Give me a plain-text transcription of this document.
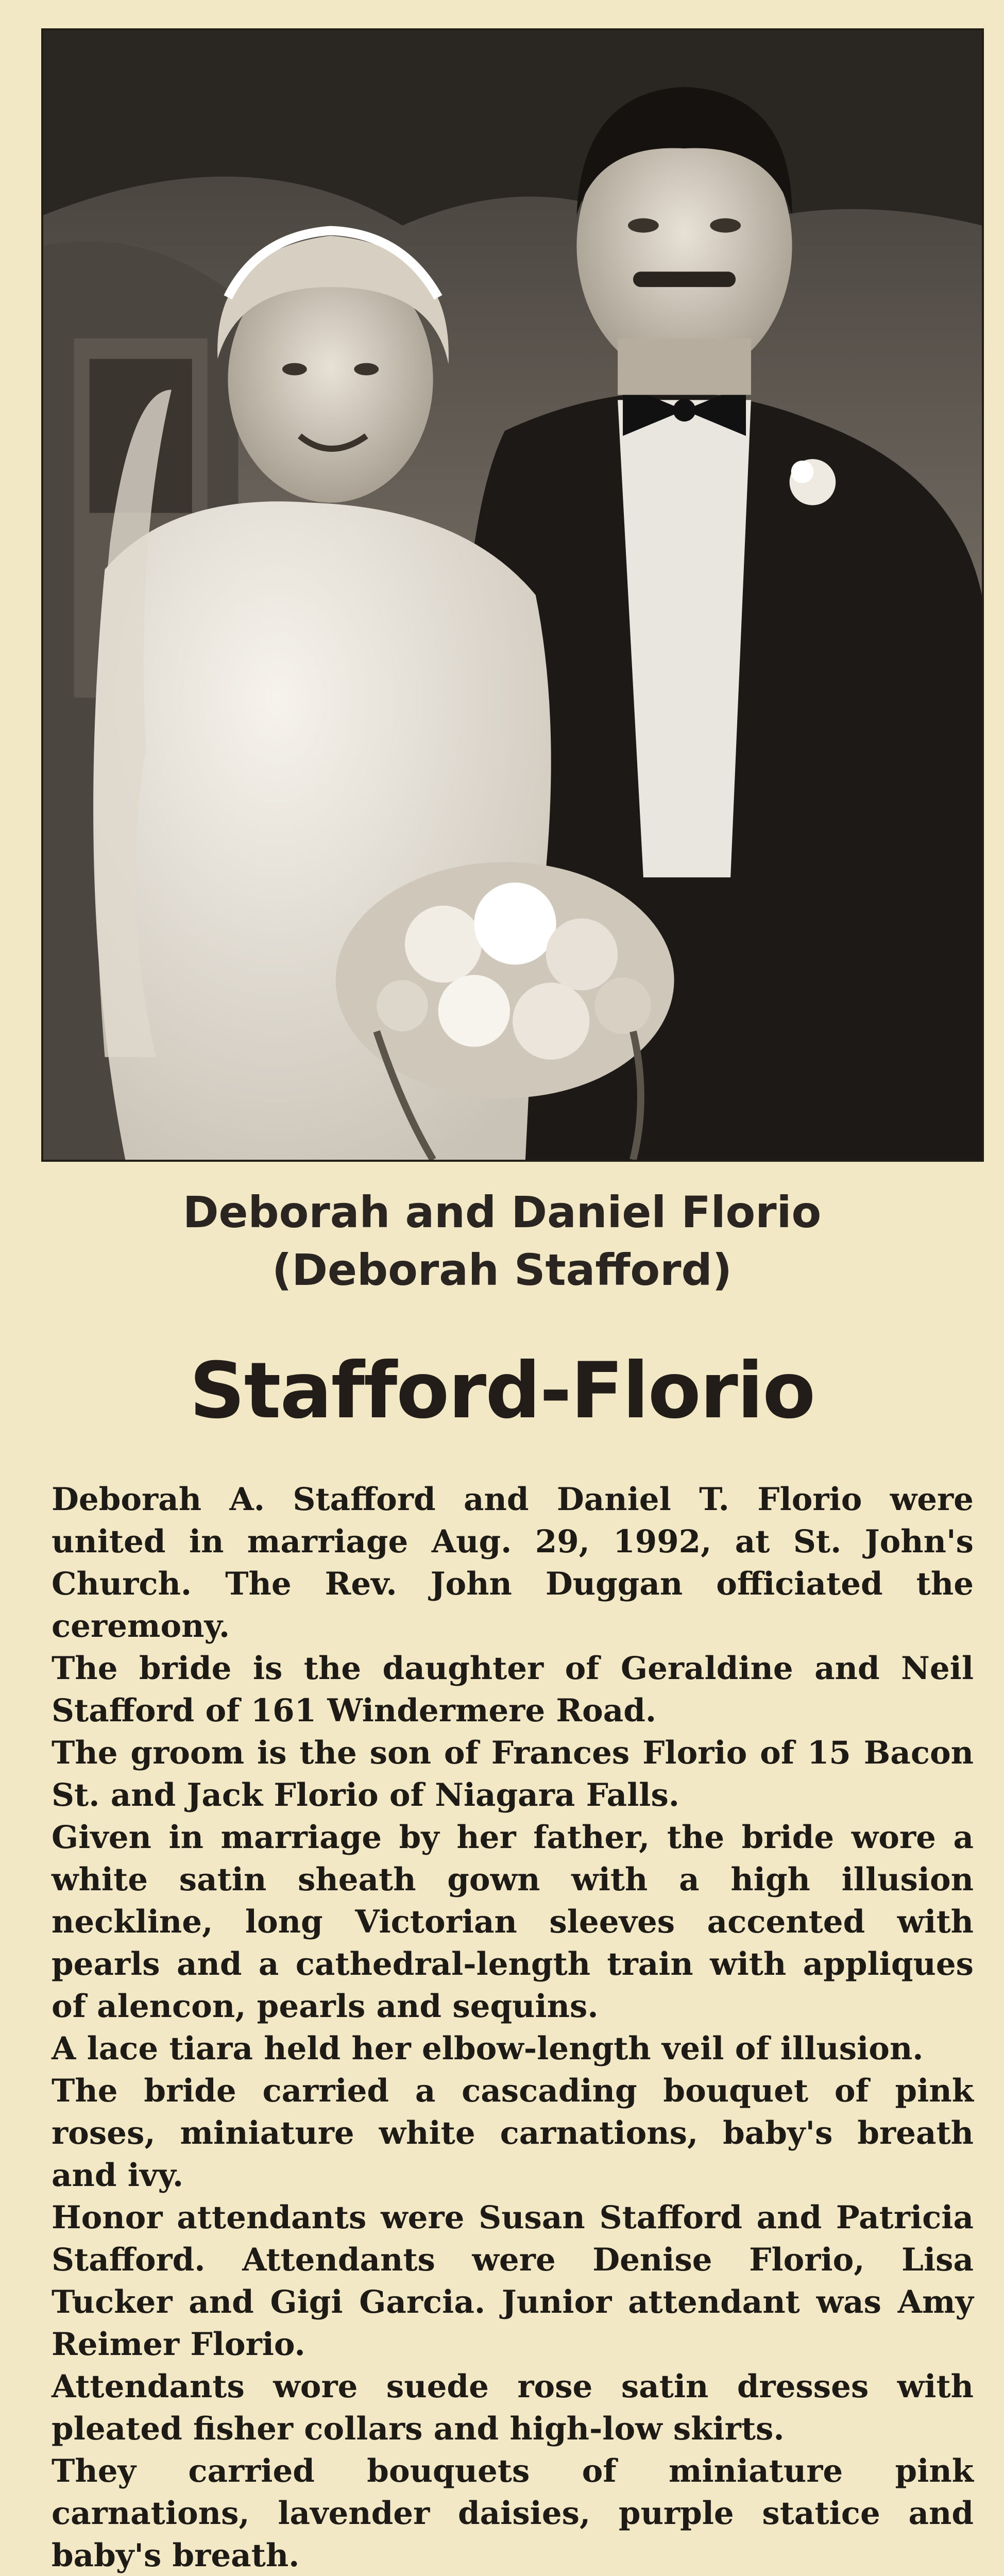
Deborah and Daniel Florio
(Deborah Stafford)
Stafford-Florio

Deborah A. Stafford and Daniel T. Florio were united in marriage Aug. 29, 1992, at St. John's Church. The Rev. John Duggan officiated the ceremony.

The bride is the daughter of Geraldine and Neil Stafford of 161 Windermere Road.

The groom is the son of Frances Florio of 15 Bacon St. and Jack Florio of Niagara Falls.

Given in marriage by her father, the bride wore a white satin sheath gown with a high illusion neckline, long Victorian sleeves accented with pearls and a cathedral-length train with appliques of alencon, pearls and sequins.

A lace tiara held her elbow-length veil of illusion.

The bride carried a cascading bouquet of pink roses, miniature white carnations, baby's breath and ivy.

Honor attendants were Susan Stafford and Patricia Stafford. Attendants were Denise Florio, Lisa Tucker and Gigi Garcia. Junior attendant was Amy Reimer Florio.

Attendants wore suede rose satin dresses with pleated fisher collars and high-low skirts.

They carried bouquets of miniature pink carnations, lavender daisies, purple statice and baby's breath.
